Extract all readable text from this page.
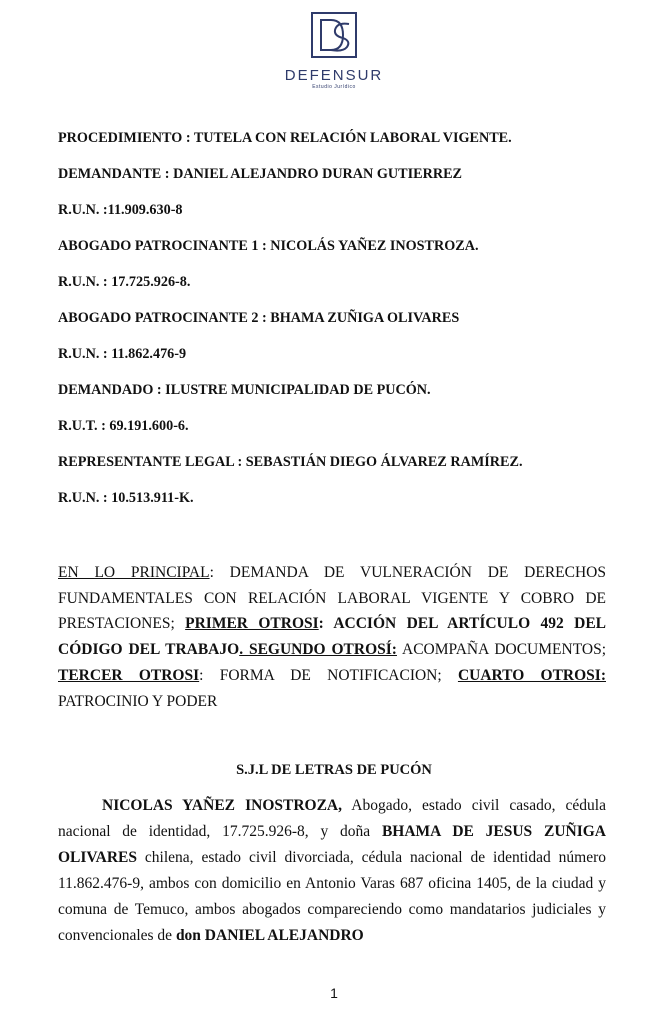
DEFENSUR
Estudio Jurídico
PROCEDIMIENTO : TUTELA CON RELACIÓN LABORAL VIGENTE.
DEMANDANTE : DANIEL ALEJANDRO DURAN GUTIERREZ
R.U.N. :11.909.630-8
ABOGADO PATROCINANTE 1 : NICOLÁS YAÑEZ INOSTROZA.
R.U.N. : 17.725.926-8.
ABOGADO PATROCINANTE 2 : BHAMA ZUÑIGA OLIVARES
R.U.N. : 11.862.476-9
DEMANDADO : ILUSTRE MUNICIPALIDAD DE PUCÓN.
R.U.T. : 69.191.600-6.
REPRESENTANTE LEGAL : SEBASTIÁN DIEGO ÁLVAREZ RAMÍREZ.
R.U.N. : 10.513.911-K.
EN LO PRINCIPAL: DEMANDA DE VULNERACIÓN DE DERECHOS FUNDAMENTALES CON RELACIÓN LABORAL VIGENTE Y COBRO DE PRESTACIONES; PRIMER OTROSI: ACCIÓN DEL ARTÍCULO 492 DEL CÓDIGO DEL TRABAJO. SEGUNDO OTROSÍ: ACOMPAÑA DOCUMENTOS; TERCER OTROSI: FORMA DE NOTIFICACION; CUARTO OTROSI: PATROCINIO Y PODER
S.J.L DE LETRAS DE PUCÓN
NICOLAS YAÑEZ INOSTROZA, Abogado, estado civil casado, cédula nacional de identidad, 17.725.926-8, y doña BHAMA DE JESUS ZUÑIGA OLIVARES chilena, estado civil divorciada, cédula nacional de identidad número 11.862.476-9, ambos con domicilio en Antonio Varas 687 oficina 1405, de la ciudad y comuna de Temuco, ambos abogados compareciendo como mandatarios judiciales y convencionales de don DANIEL ALEJANDRO
1
